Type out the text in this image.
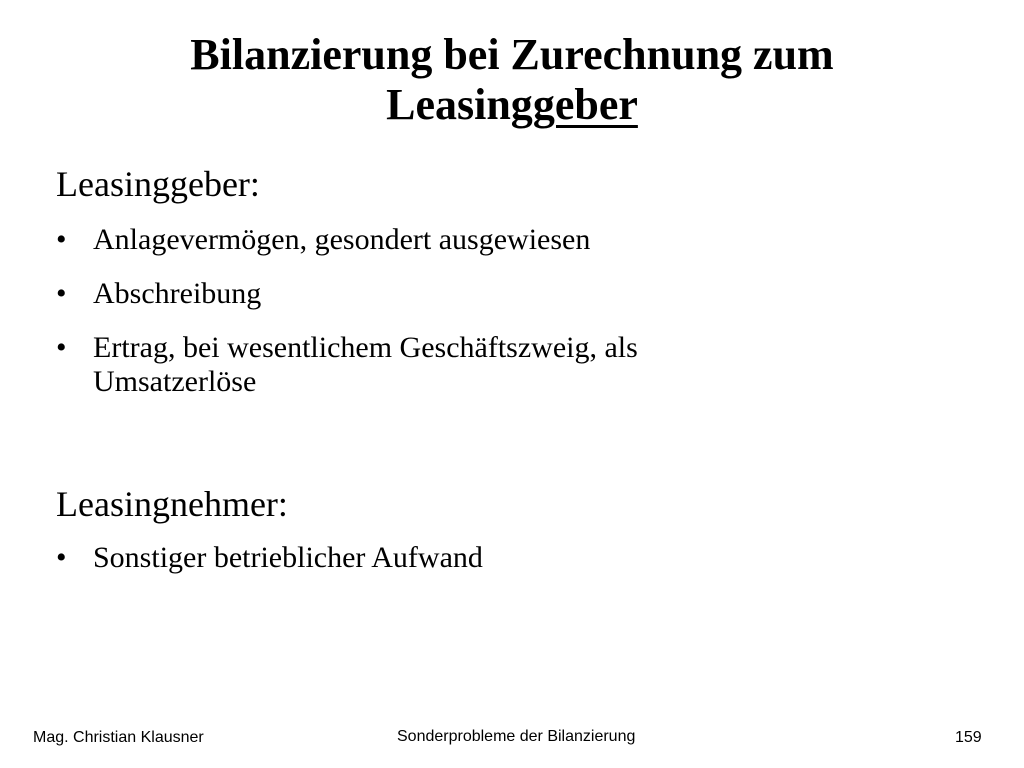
Bilanzierung bei Zurechnung zum
Leasinggeber
Leasinggeber:
• Anlagevermögen, gesondert ausgewiesen
• Abschreibung
• Ertrag, bei wesentlichem Geschäftszweig, als Umsatzerlöse
Leasingnehmer:
• Sonstiger betrieblicher Aufwand
Mag. Christian Klausner	Sonderprobleme der Bilanzierung	159
